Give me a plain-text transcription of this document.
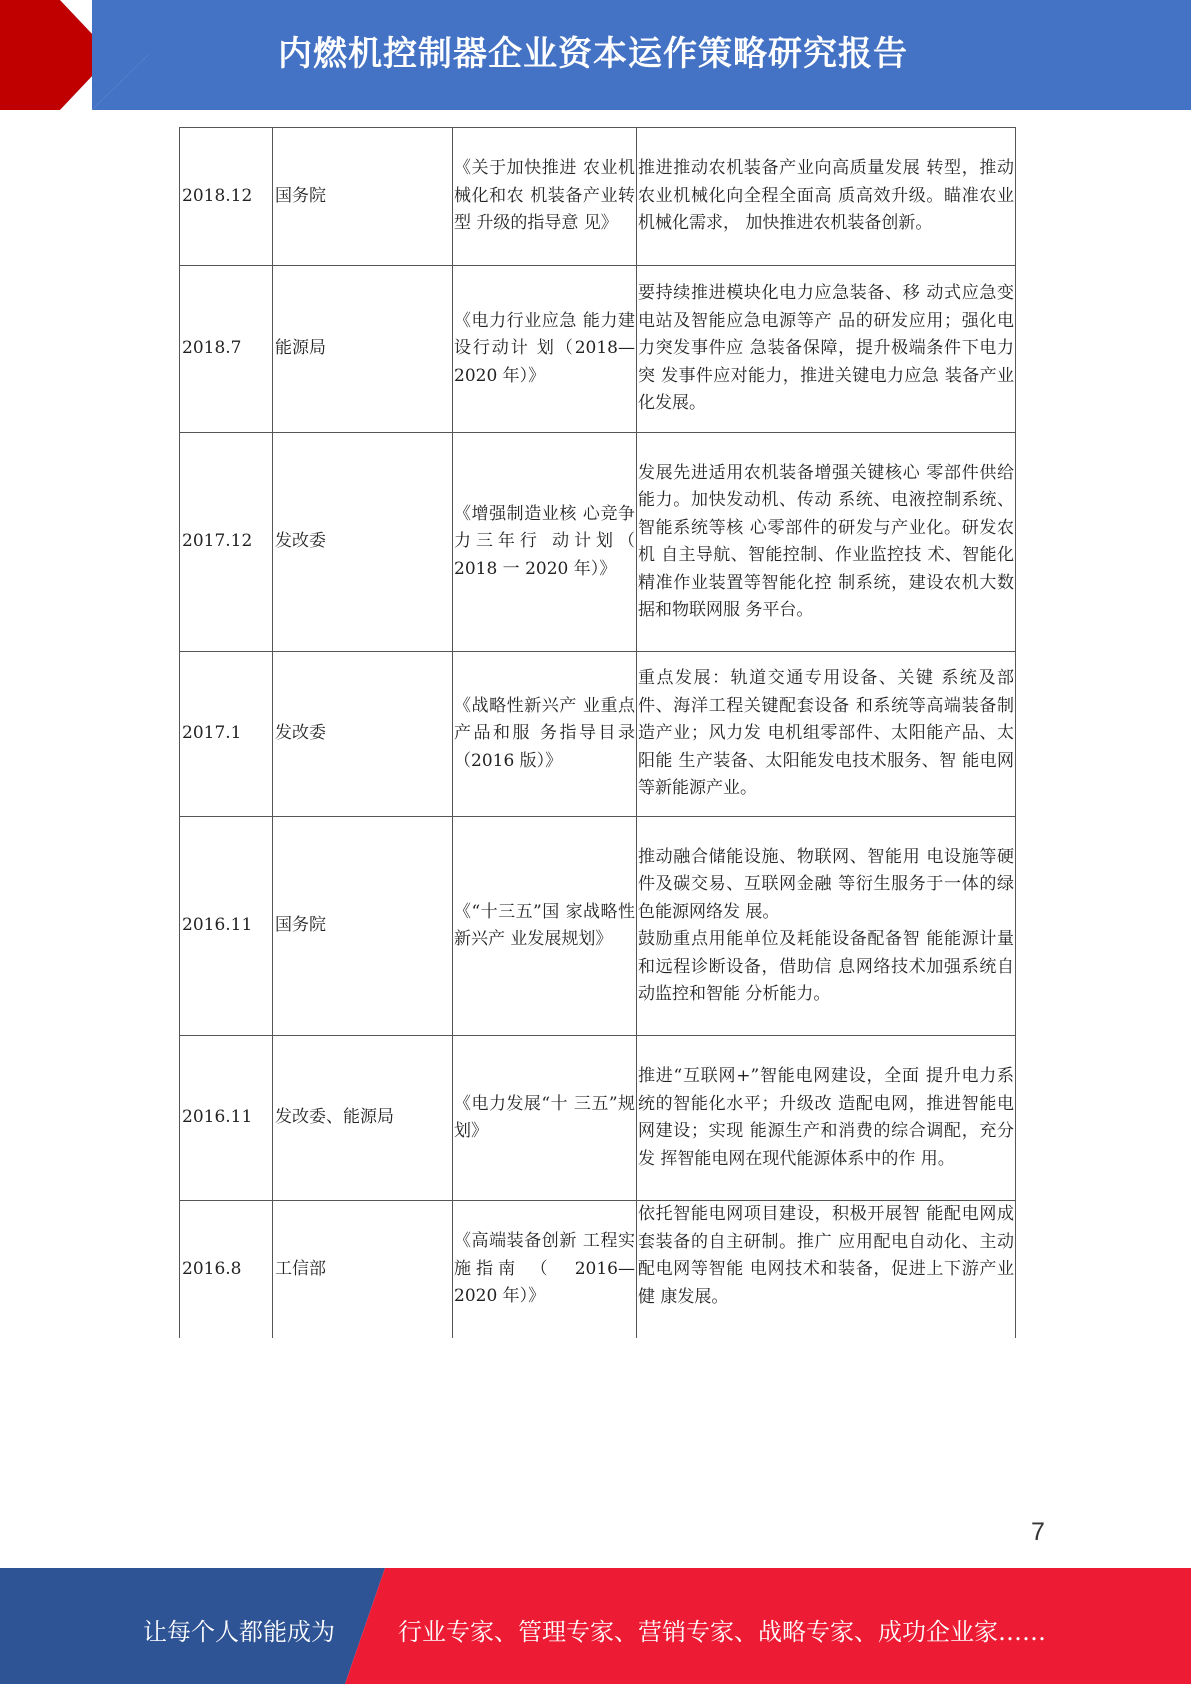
内燃机控制器企业资本运作策略研究报告
2018.12	国务院	《关于加快推进 农业机械化和农 机装备产业转型 升级的指导意 见》	推进推动农机装备产业向高质量发展 转型，推动农业机械化向全程全面高 质高效升级。瞄准农业机械化需求， 加快推进农机装备创新。

2018.7	能源局	《电力行业应急 能力建设行动计 划（2018—2020 年）》	要持续推进模块化电力应急装备、移 动式应急变电站及智能应急电源等产 品的研发应用；强化电力突发事件应 急装备保障，提升极端条件下电力突 发事件应对能力，推进关键电力应急 装备产业化发展。

2017.12	发改委	《增强制造业核 心竞争力三年行 动计划（ 2018 一 2020 年）》	发展先进适用农机装备增强关键核心 零部件供给能力。加快发动机、传动 系统、电液控制系统、智能系统等核 心零部件的研发与产业化。研发农机 自主导航、智能控制、作业监控技 术、智能化精准作业装置等智能化控 制系统，建设农机大数据和物联网服 务平台。

2017.1	发改委	《战略性新兴产 业重点产品和服 务指导目录 （2016 版）》	重点发展：轨道交通专用设备、关键 系统及部件、海洋工程关键配套设备 和系统等高端装备制造产业；风力发 电机组零部件、太阳能产品、太阳能 生产装备、太阳能发电技术服务、智 能电网等新能源产业。

2016.11	国务院	《“十三五”国 家战略性新兴产 业发展规划》	推动融合储能设施、物联网、智能用 电设施等硬件及碳交易、互联网金融 等衍生服务于一体的绿色能源网络发 展。
鼓励重点用能单位及耗能设备配备智 能能源计量和远程诊断设备，借助信 息网络技术加强系统自动监控和智能 分析能力。

2016.11	发改委、能源局	《电力发展“十 三五”规划》	推进“互联网+”智能电网建设，全面 提升电力系统的智能化水平；升级改 造配电网，推进智能电网建设；实现 能源生产和消费的综合调配，充分发 挥智能电网在现代能源体系中的作 用。

2016.8	工信部	《高端装备创新 工程实施指南 （　2016—2020 年）》	依托智能电网项目建设，积极开展智 能配电网成套装备的自主研制。推广 应用配电自动化、主动配电网等智能 电网技术和装备，促进上下游产业健 康发展。
7
让每个人都能成为	行业专家、管理专家、营销专家、战略专家、成功企业家……
